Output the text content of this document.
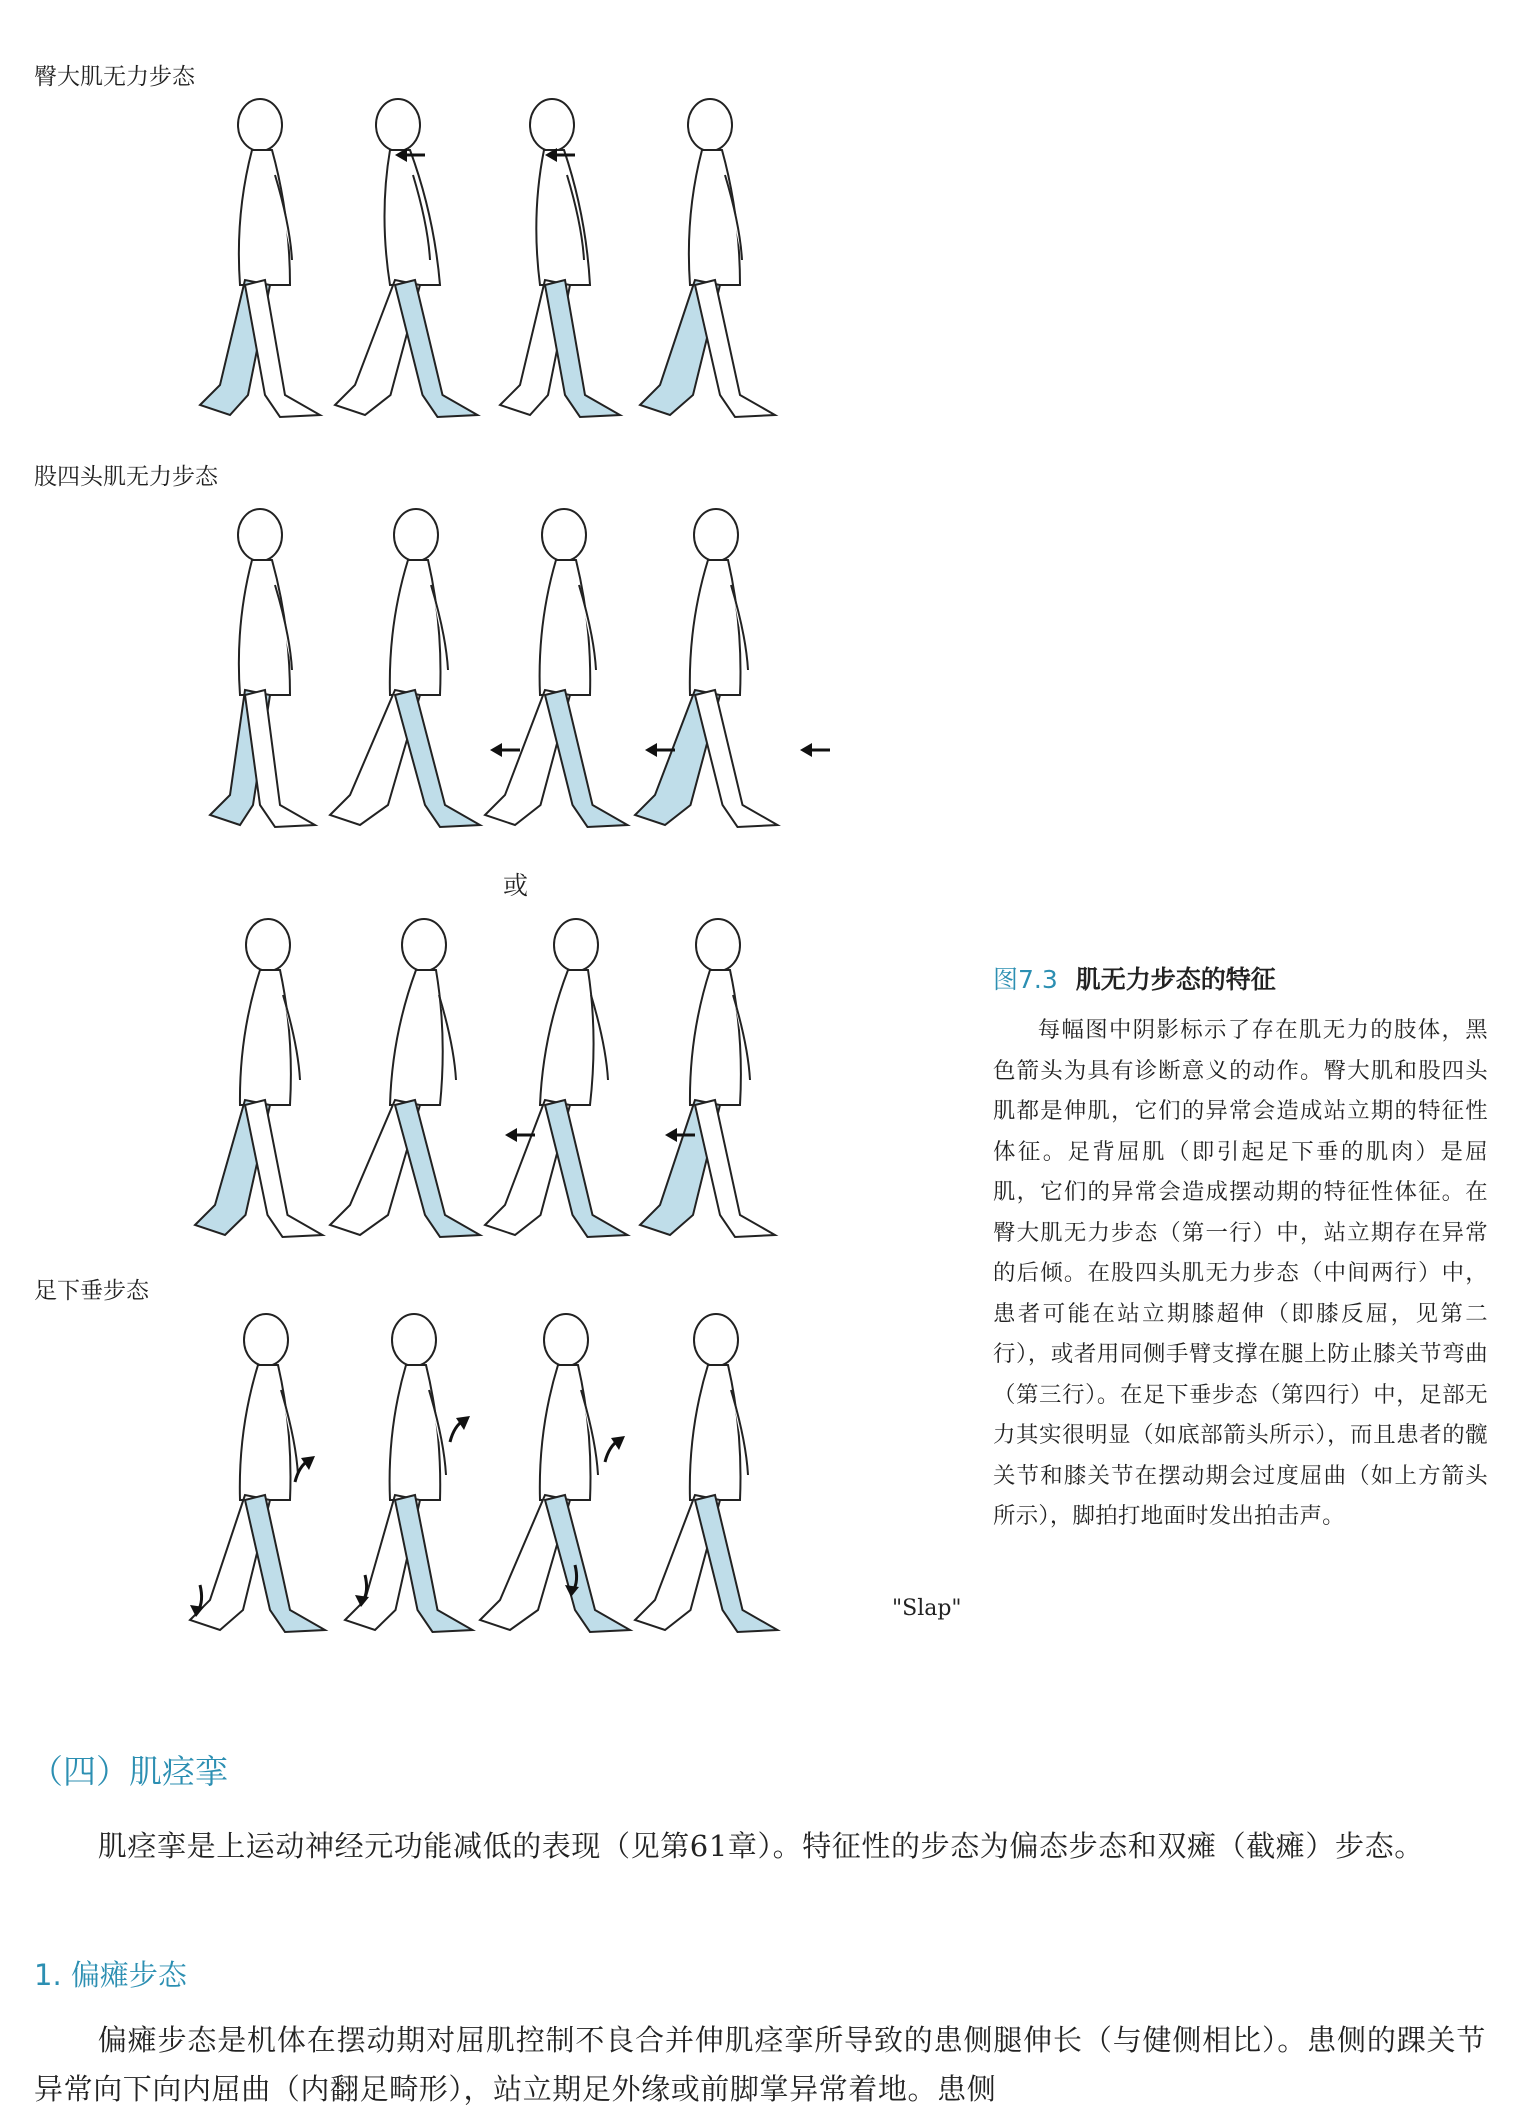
臀大肌无力步态
股四头肌无力步态
或
足下垂步态
"Slap"

图7.3 肌无力步态的特征

每幅图中阴影标示了存在肌无力的肢体，黑色箭头为具有诊断意义的动作。臀大肌和股四头肌都是伸肌，它们的异常会造成站立期的特征性体征。足背屈肌（即引起足下垂的肌肉）是屈肌，它们的异常会造成摆动期的特征性体征。在臀大肌无力步态（第一行）中，站立期存在异常的后倾。在股四头肌无力步态（中间两行）中，患者可能在站立期膝超伸（即膝反屈，见第二行），或者用同侧手臂支撑在腿上防止膝关节弯曲（第三行）。在足下垂步态（第四行）中，足部无力其实很明显（如底部箭头所示），而且患者的髋关节和膝关节在摆动期会过度屈曲（如上方箭头所示），脚拍打地面时发出拍击声。

（四）肌痉挛

肌痉挛是上运动神经元功能减低的表现（见第61章）。特征性的步态为偏态步态和双瘫（截瘫）步态。

1. 偏瘫步态

偏瘫步态是机体在摆动期对屈肌控制不良合并伸肌痉挛所导致的患侧腿伸长（与健侧相比）。患侧的踝关节异常向下向内屈曲（内翻足畸形），站立期足外缘或前脚掌异常着地。患侧
